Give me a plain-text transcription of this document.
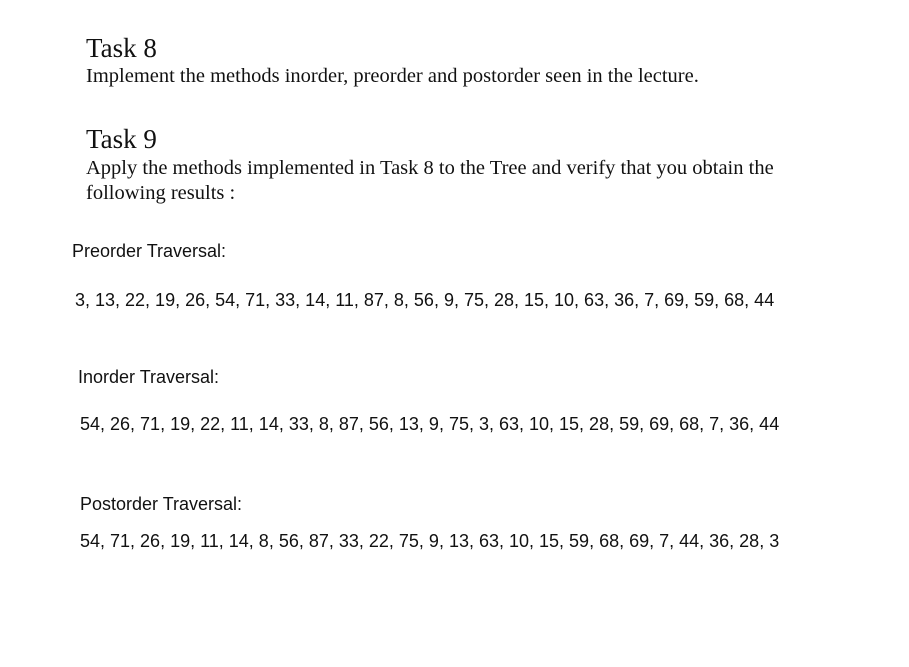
Task 8
Implement the methods inorder, preorder and postorder seen in the lecture.
Task 9
Apply the methods implemented in Task 8 to the Tree and verify that you obtain the following results :
Preorder Traversal:
3, 13, 22, 19, 26, 54, 71, 33, 14, 11, 87, 8, 56, 9, 75, 28, 15, 10, 63, 36, 7, 69, 59, 68, 44
Inorder Traversal:
54, 26, 71, 19, 22, 11, 14, 33, 8, 87, 56, 13, 9, 75, 3, 63, 10, 15, 28, 59, 69, 68, 7, 36, 44
Postorder Traversal:
54, 71, 26, 19, 11, 14, 8, 56, 87, 33, 22, 75, 9, 13, 63, 10, 15, 59, 68, 69, 7, 44, 36, 28, 3
